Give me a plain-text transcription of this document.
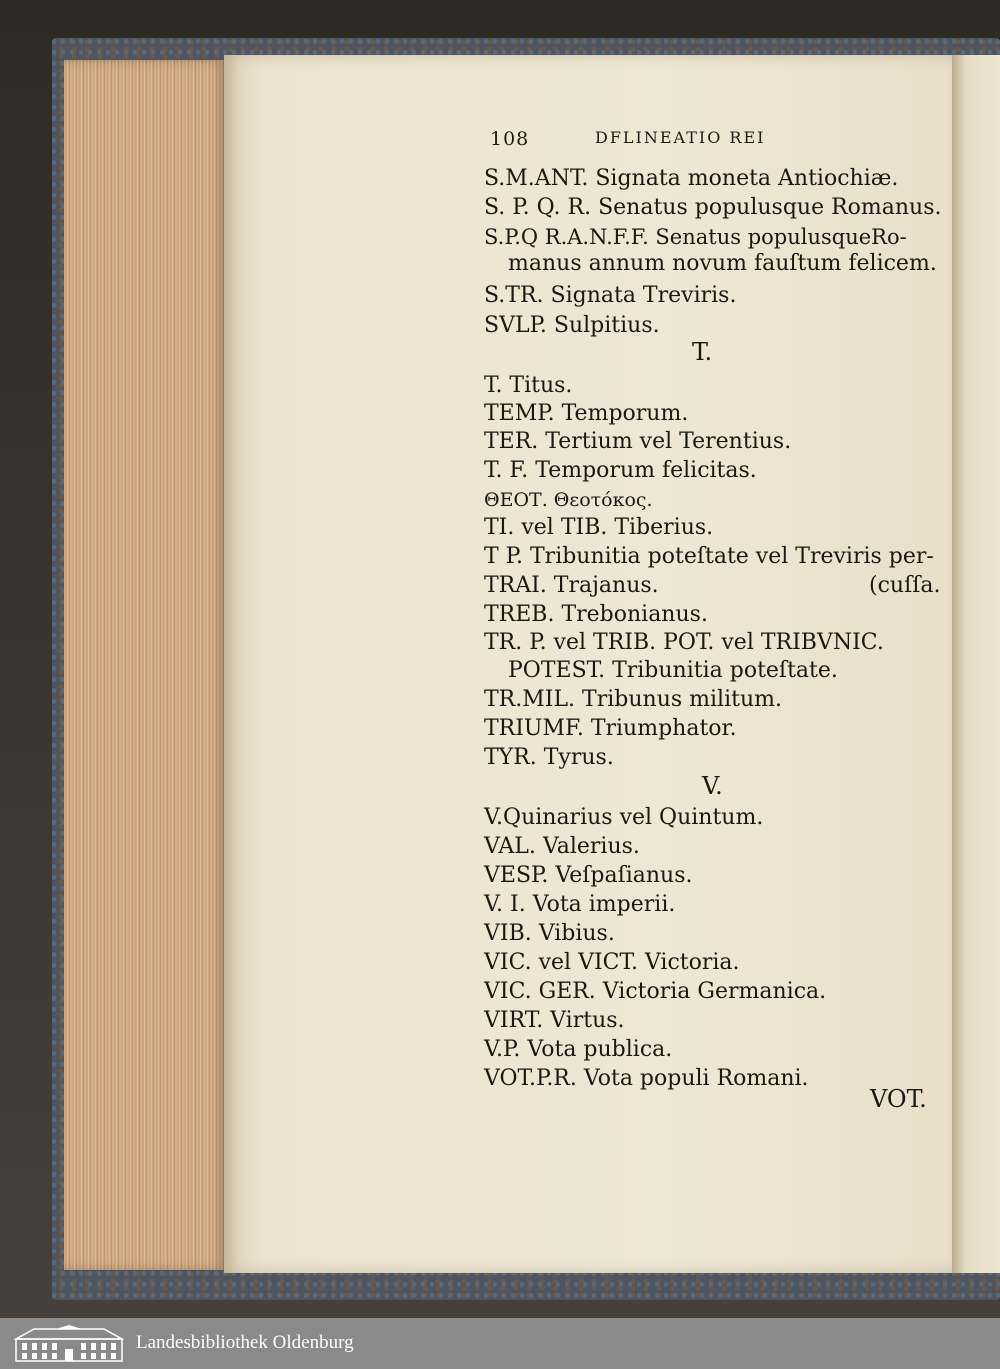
108	DFLINEATIO REI
S.M.ANT. Signata moneta Antiochiæ.
S. P. Q. R. Senatus populusque Romanus.
S.P.Q R.A.N.F.F. Senatus populusqueRo-
manus annum novum fauſtum felicem.
S.TR. Signata Treviris.
SVLP. Sulpitius.
T.
T. Titus.
TEMP. Temporum.
TER. Tertium vel Terentius.
T. F. Temporum felicitas.
ΘΕΟΤ. Θεοτόκος.
TI. vel TIB. Tiberius.
T P. Tribunitia poteſtate vel Treviris per-
TRAI. Trajanus.	(cuſſa.
TREB. Trebonianus.
TR. P. vel TRIB. POT. vel TRIBVNIC.
POTEST. Tribunitia poteſtate.
TR.MIL. Tribunus militum.
TRIUMF. Triumphator.
TYR. Tyrus.
V.
V.Quinarius vel Quintum.
VAL. Valerius.
VESP. Veſpaſianus.
V. I. Vota imperii.
VIB. Vibius.
VIC. vel VICT. Victoria.
VIC. GER. Victoria Germanica.
VIRT. Virtus.
V.P. Vota publica.
VOT.P.R. Vota populi Romani.
VOT.
Landesbibliothek Oldenburg
